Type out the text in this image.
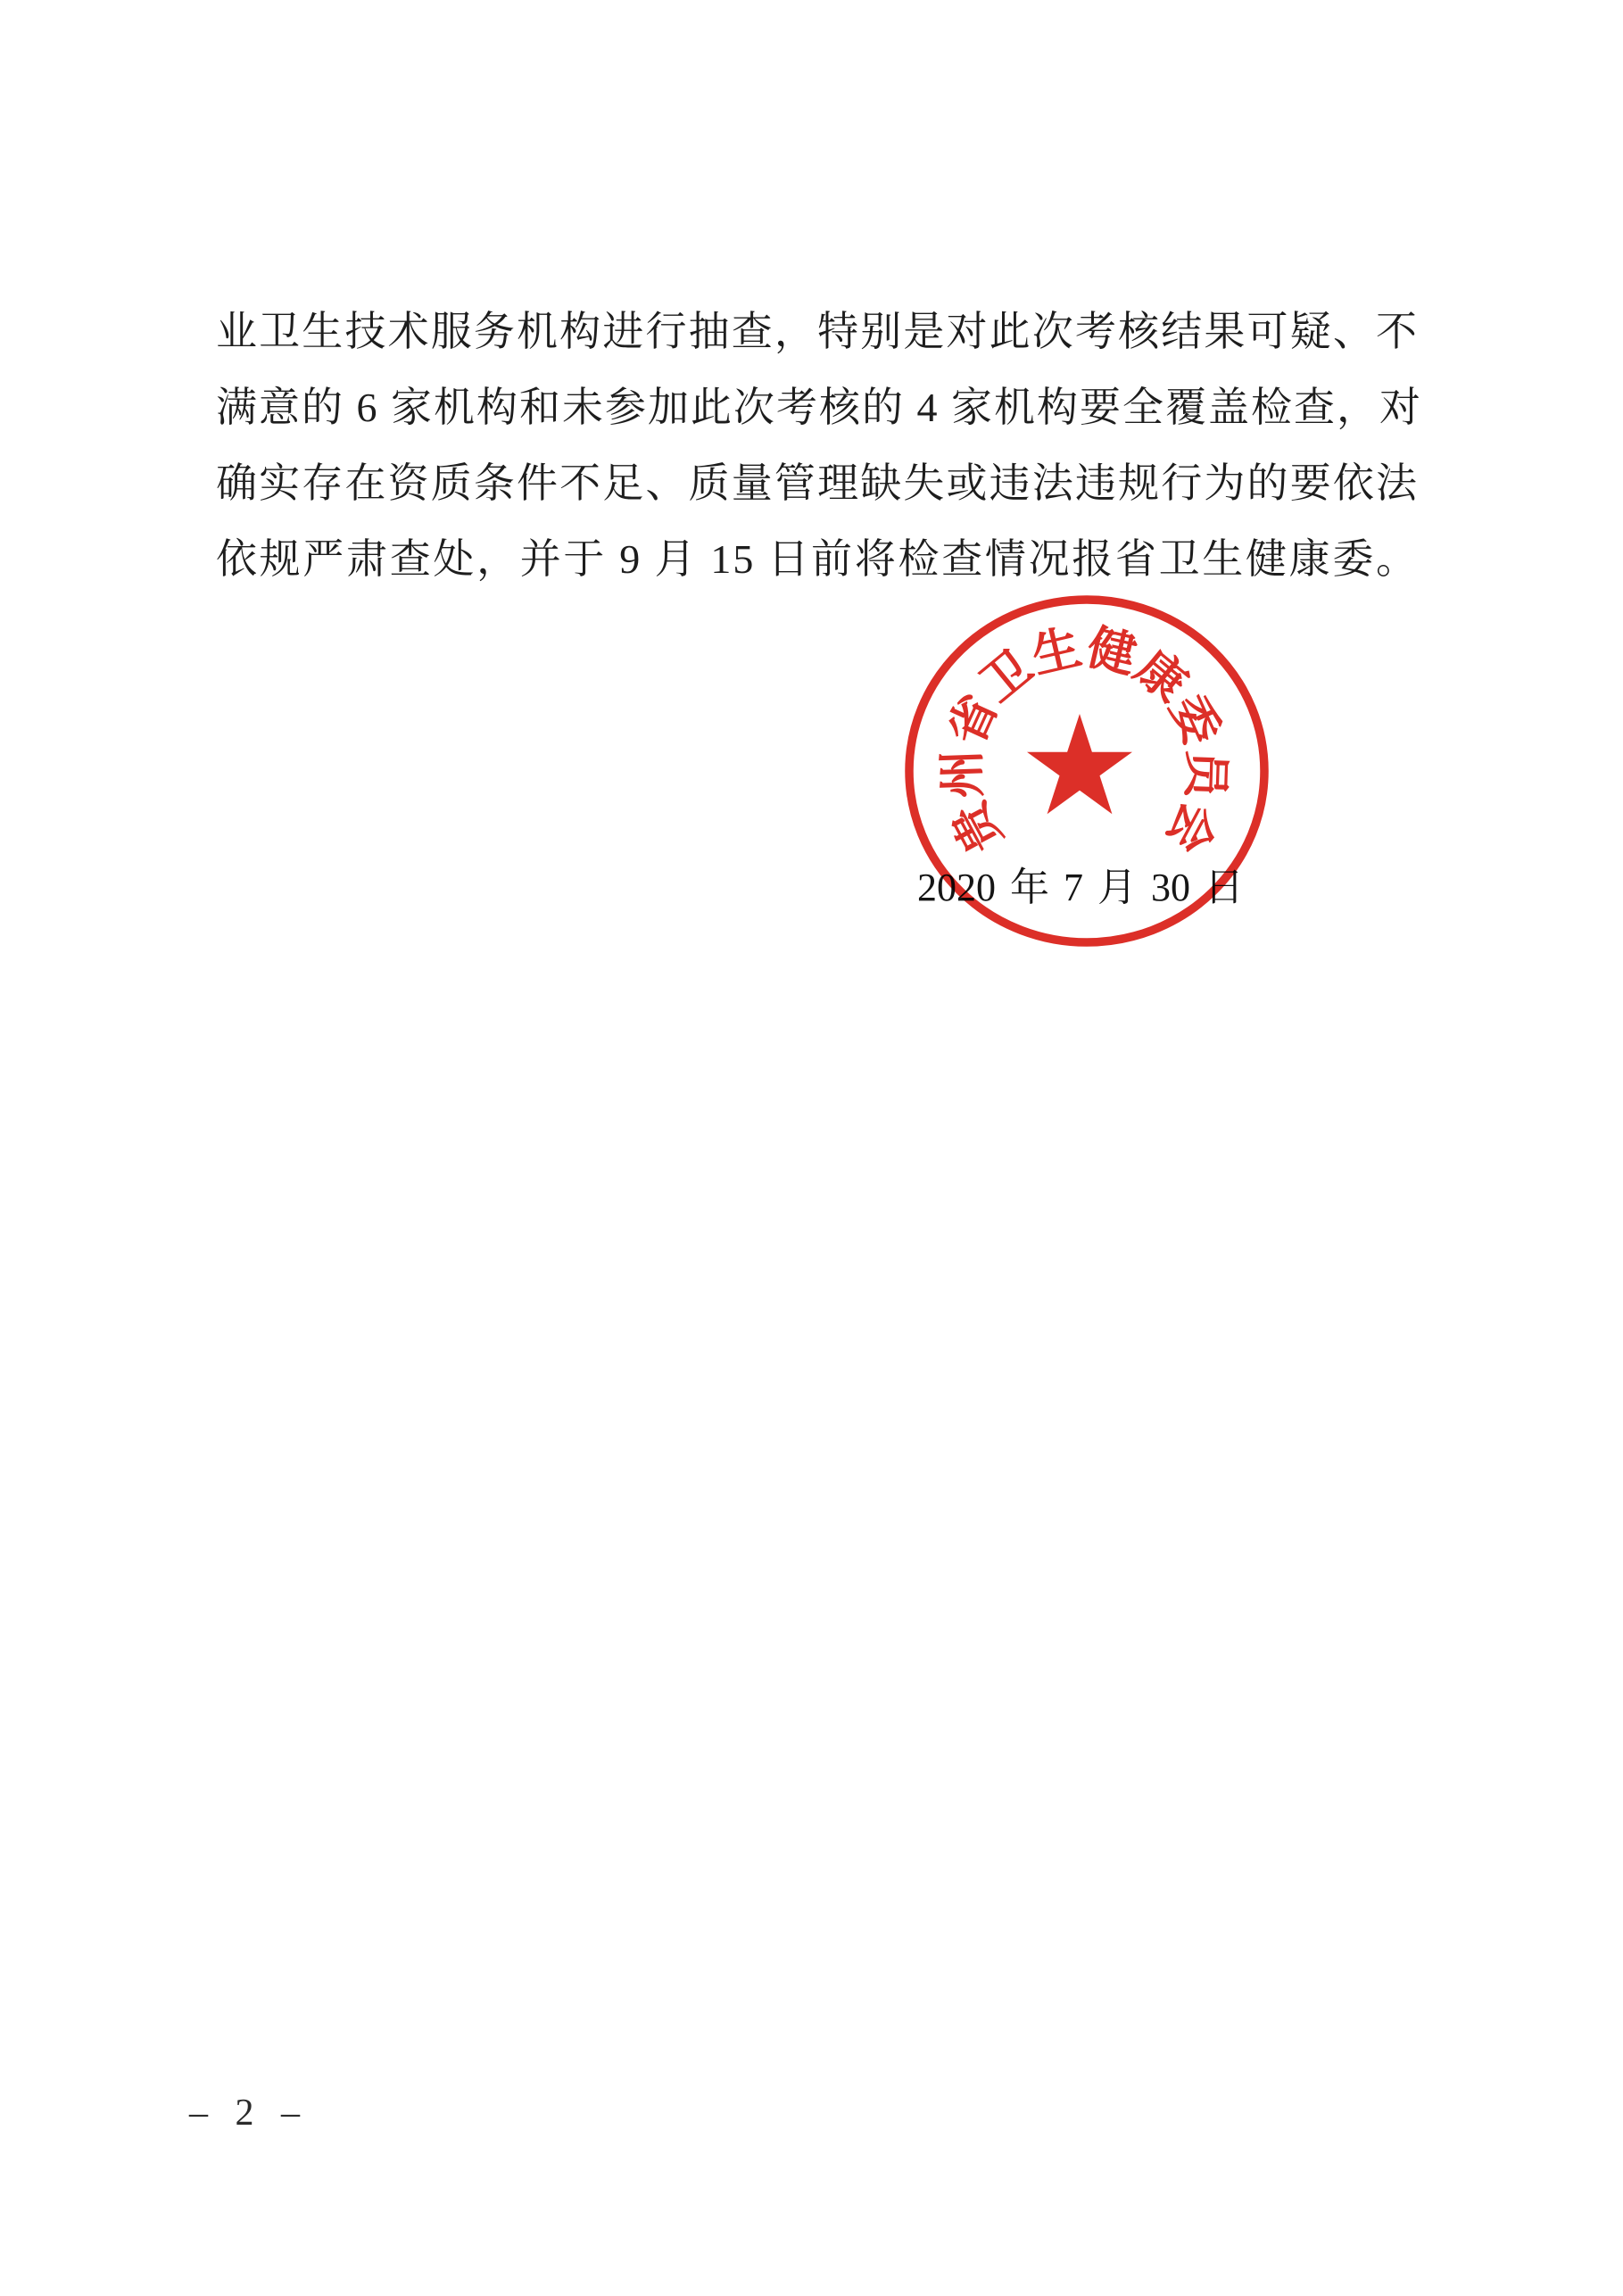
业卫生技术服务机构进行抽查，特别是对此次考核结果可疑、不
满意的 6 家机构和未参加此次考核的 4 家机构要全覆盖检查，对
确实存在资质条件不足、质量管理缺失或违法违规行为的要依法
依规严肃查处，并于 9 月 15 日前将检查情况报省卫生健康委。
贵州省卫生健康委员会
2020 年 7 月 30 日
– 2 –
